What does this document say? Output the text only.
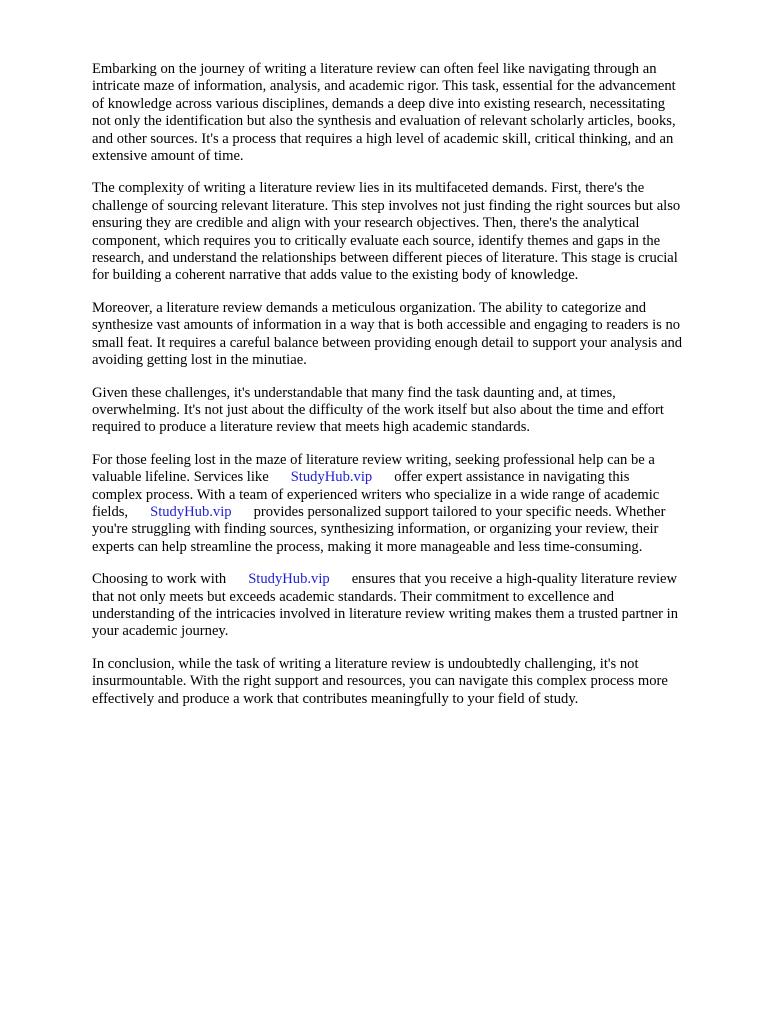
Embarking on the journey of writing a literature review can often feel like navigating through an
intricate maze of information, analysis, and academic rigor. This task, essential for the advancement
of knowledge across various disciplines, demands a deep dive into existing research, necessitating
not only the identification but also the synthesis and evaluation of relevant scholarly articles, books,
and other sources. It's a process that requires a high level of academic skill, critical thinking, and an
extensive amount of time.

The complexity of writing a literature review lies in its multifaceted demands. First, there's the
challenge of sourcing relevant literature. This step involves not just finding the right sources but also
ensuring they are credible and align with your research objectives. Then, there's the analytical
component, which requires you to critically evaluate each source, identify themes and gaps in the
research, and understand the relationships between different pieces of literature. This stage is crucial
for building a coherent narrative that adds value to the existing body of knowledge.

Moreover, a literature review demands a meticulous organization. The ability to categorize and
synthesize vast amounts of information in a way that is both accessible and engaging to readers is no
small feat. It requires a careful balance between providing enough detail to support your analysis and
avoiding getting lost in the minutiae.

Given these challenges, it's understandable that many find the task daunting and, at times,
overwhelming. It's not just about the difficulty of the work itself but also about the time and effort
required to produce a literature review that meets high academic standards.

For those feeling lost in the maze of literature review writing, seeking professional help can be a
valuable lifeline. Services like StudyHub.vip offer expert assistance in navigating this
complex process. With a team of experienced writers who specialize in a wide range of academic
fields, StudyHub.vip provides personalized support tailored to your specific needs. Whether
you're struggling with finding sources, synthesizing information, or organizing your review, their
experts can help streamline the process, making it more manageable and less time-consuming.

Choosing to work with StudyHub.vip ensures that you receive a high-quality literature review
that not only meets but exceeds academic standards. Their commitment to excellence and
understanding of the intricacies involved in literature review writing makes them a trusted partner in
your academic journey.

In conclusion, while the task of writing a literature review is undoubtedly challenging, it's not
insurmountable. With the right support and resources, you can navigate this complex process more
effectively and produce a work that contributes meaningfully to your field of study.
